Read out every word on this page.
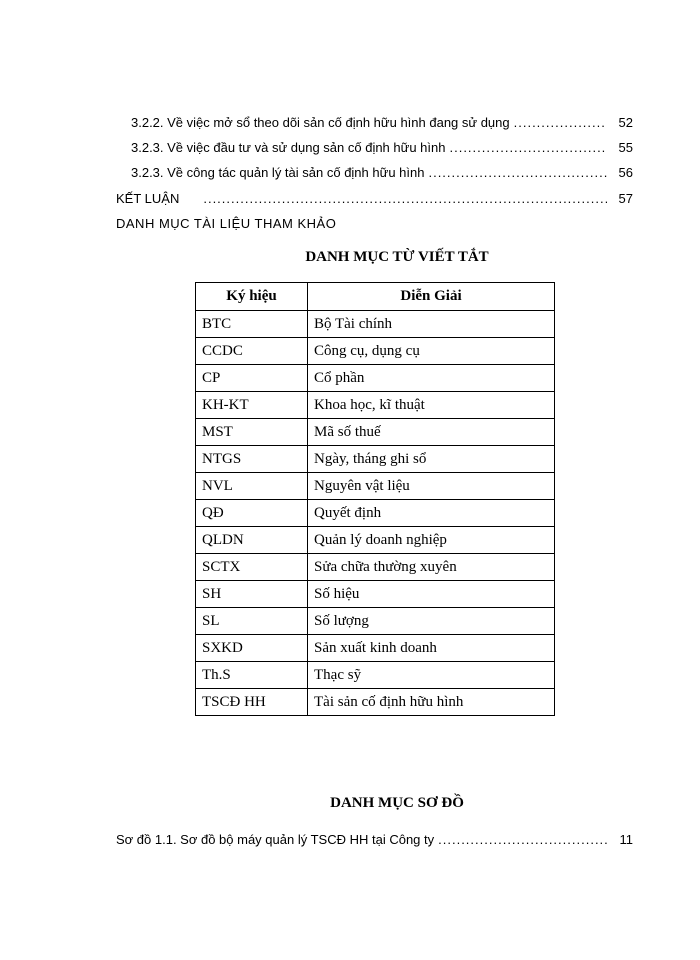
3.2.2. Về việc mở sổ theo dõi sản cố định hữu hình đang sử dụng .....	52
3.2.3. Về việc đầu tư và sử dụng sản cố định hữu hình .....	55
3.2.3. Về công tác quản lý tài sản cố định hữu hình .....	56
KẾT LUẬN .....	57
DANH MỤC TÀI LIỆU THAM KHẢO
DANH MỤC TỪ VIẾT TẮT
Ký hiệu	Diễn Giải
BTC	Bộ Tài chính
CCDC	Công cụ, dụng cụ
CP	Cổ phần
KH-KT	Khoa học, kĩ thuật
MST	Mã số thuế
NTGS	Ngày, tháng ghi sổ
NVL	Nguyên vật liệu
QĐ	Quyết định
QLDN	Quản lý doanh nghiệp
SCTX	Sửa chữa thường xuyên
SH	Số hiệu
SL	Số lượng
SXKD	Sản xuất kinh doanh
Th.S	Thạc sỹ
TSCĐ HH	Tài sản cố định hữu hình
DANH MỤC SƠ ĐỒ
Sơ đồ 1.1. Sơ đồ bộ máy quản lý TSCĐ HH tại Công ty .....	11
